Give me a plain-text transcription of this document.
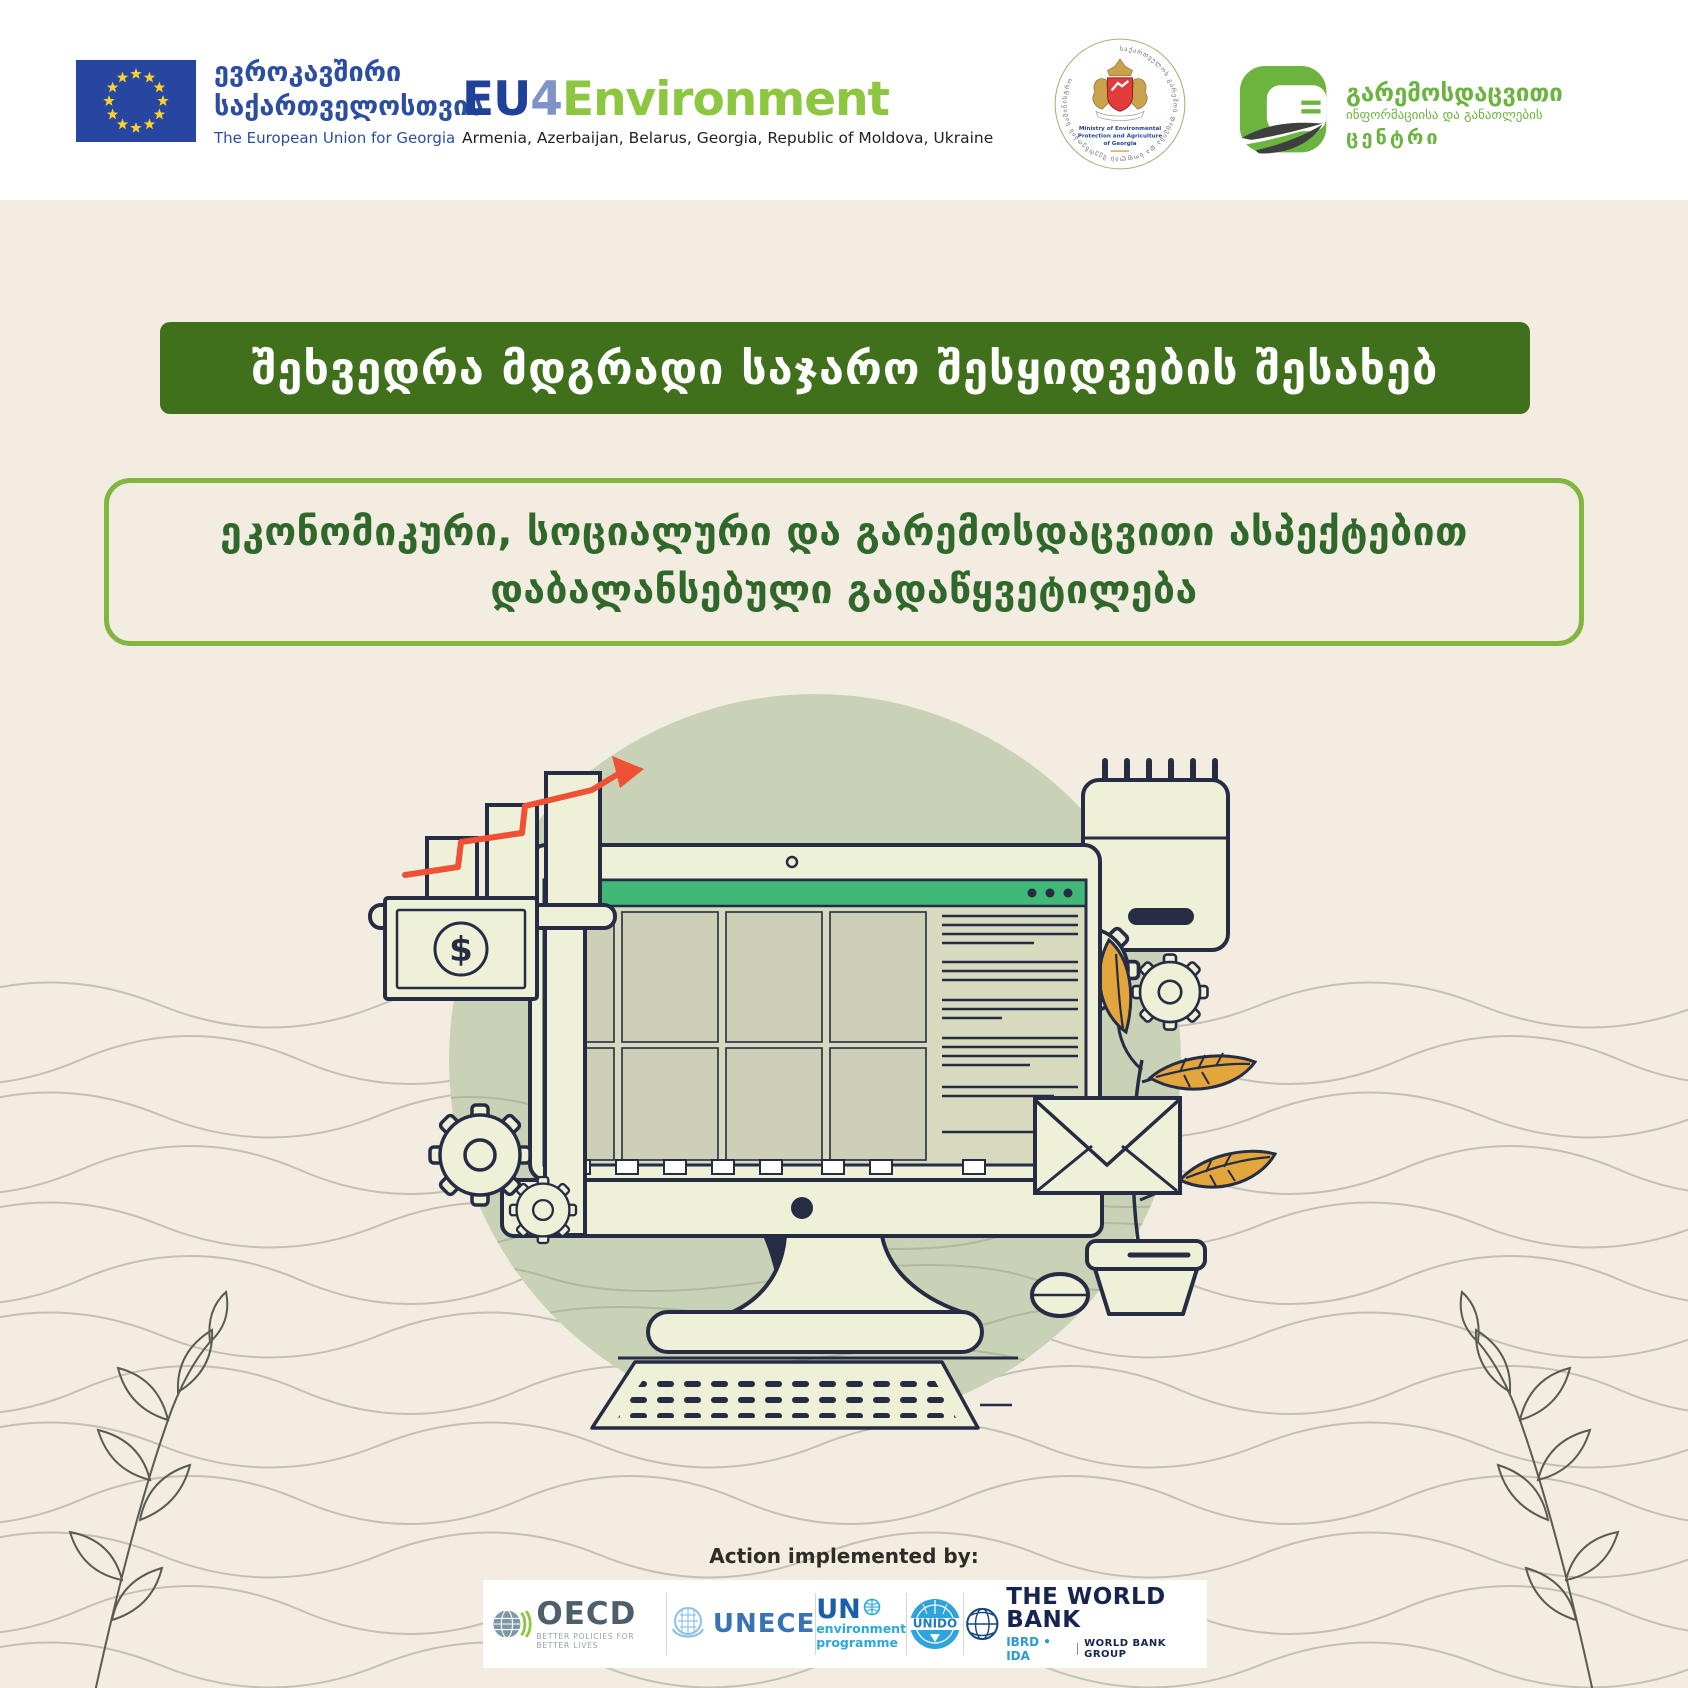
$
ევროკავშირი
საქართველოსთვის
The European Union for Georgia
EU4Environment
Armenia, Azerbaijan, Belarus, Georgia, Republic of Moldova, Ukraine
საქართველოს გარემოს დაცვისა და სოფლის მეურნეობის სამინისტრო
Ministry of Environmental
Protection and Agriculture
of Georgia
გარემოსდაცვითი
ინფორმაციისა და განათლების
ცენტრი
შეხვედრა მდგრადი საჯარო შესყიდვების შესახებ
ეკონომიკური, სოციალური და გარემოსდაცვითი ასპექტებით
დაბალანსებული გადაწყვეტილება
Action implemented by:
OECD
BETTER POLICIES FOR BETTER LIVES
UNECE UN
environment
programme
UNIDO
THE WORLD BANK
IBRD • IDA
WORLD BANK GROUP
